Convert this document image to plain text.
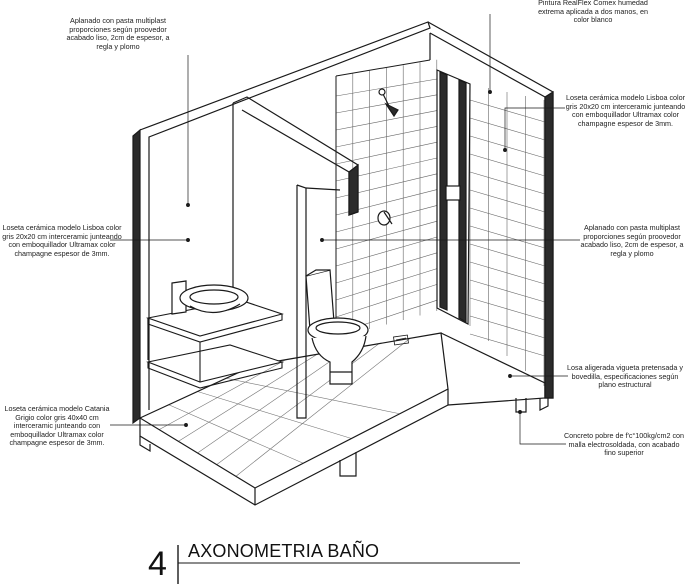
Aplanado con pasta multiplast
proporciones según proovedor
acabado liso, 2cm de espesor, a
regla y plomo
Pintura RealFlex Comex humedad
extrema aplicada a dos manos, en
color blanco
Loseta cerámica modelo Lisboa color
gris 20x20 cm interceramic junteando
con emboquillador Ultramax color
champagne espesor de 3mm.
Loseta cerámica modelo Lisboa color
gris 20x20 cm interceramic junteando
con emboquillador Ultramax color
champagne espesor de 3mm.
Aplanado con pasta multiplast
proporciones según proovedor
acabado liso, 2cm de espesor, a
regla y plomo
Losa aligerada vigueta pretensada y
bovedilla, especificaciones según
plano estructural
Loseta cerámica modelo Catania
Grigio color gris 40x40 cm
interceramic junteando con
emboquillador Ultramax color
champagne espesor de 3mm.
Concreto pobre de f'c°100kg/cm2 con
malla electrosoldada, con acabado
fino superior
4 AXONOMETRIA BAÑO
